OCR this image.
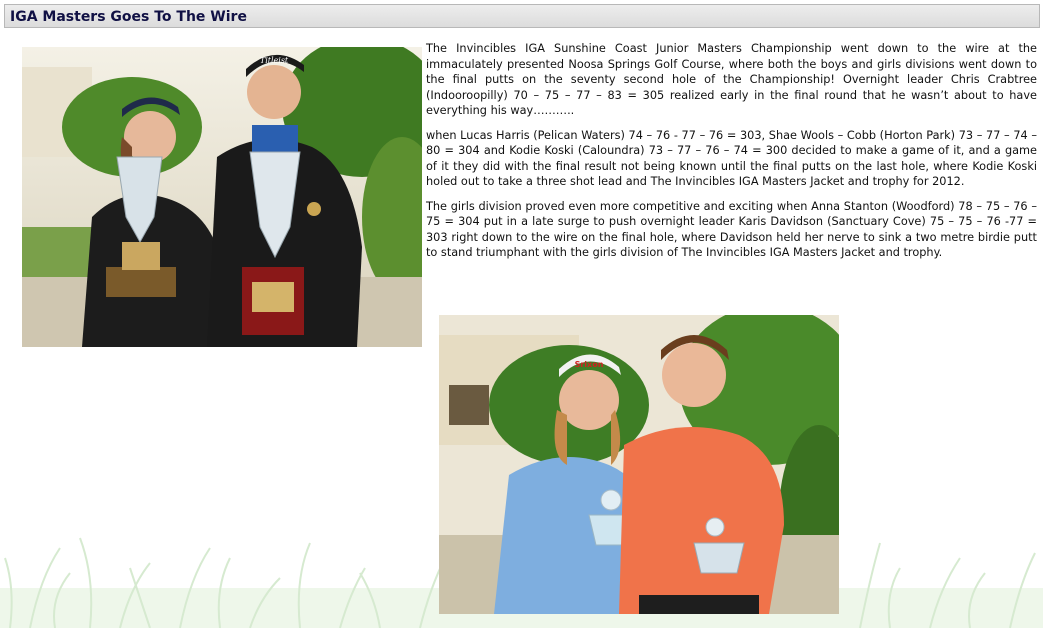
IGA Masters Goes To The Wire
Titleist
Srixon

The Invincibles IGA Sunshine Coast Junior Masters Championship went down to the wire at the immaculately presented Noosa Springs Golf Course, where both the boys and girls divisions went down to the final putts on the seventy second hole of the Championship! Overnight leader Chris Crabtree (Indooroopilly) 70 – 75 – 77 – 83 = 305 realized early in the final round that he wasn’t about to have everything his way………..

when Lucas Harris (Pelican Waters) 74 – 76 - 77 – 76 = 303, Shae Wools – Cobb (Horton Park) 73 – 77 – 74 – 80 = 304 and Kodie Koski (Caloundra) 73 – 77 – 76 – 74 = 300 decided to make a game of it, and a game of it they did with the final result not being known until the final putts on the last hole, where Kodie Koski holed out to take a three shot lead and The Invincibles IGA Masters Jacket and trophy for 2012.

The girls division proved even more competitive and exciting when Anna Stanton (Woodford) 78 – 75 – 76 – 75 = 304 put in a late surge to push overnight leader Karis Davidson (Sanctuary Cove) 75 – 75 – 76 -77 = 303 right down to the wire on the final hole, where Davidson held her nerve to sink a two metre birdie putt to stand triumphant with the girls division of The Invincibles IGA Masters Jacket and trophy.
